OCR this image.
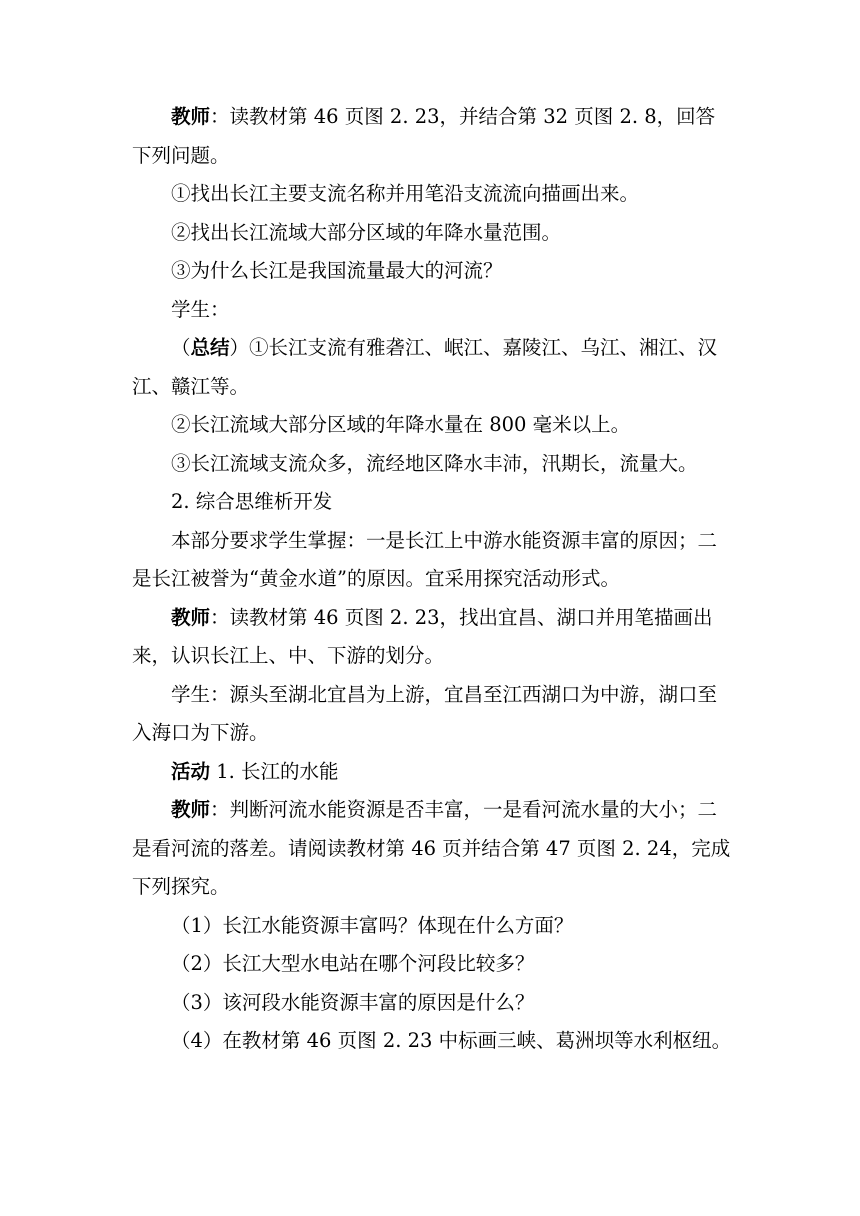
教师：读教材第 46 页图 2. 23，并结合第 32 页图 2. 8，回答下列问题。

①找出长江主要支流名称并用笔沿支流流向描画出来。

②找出长江流域大部分区域的年降水量范围。

③为什么长江是我国流量最大的河流？

学生：

（总结）①长江支流有雅砻江、岷江、嘉陵江、乌江、湘江、汉江、赣江等。

②长江流域大部分区域的年降水量在 800 毫米以上。

③长江流域支流众多，流经地区降水丰沛，汛期长，流量大。

2. 综合思维析开发

本部分要求学生掌握：一是长江上中游水能资源丰富的原因；二是长江被誉为“黄金水道”的原因。宜采用探究活动形式。

教师：读教材第 46 页图 2. 23，找出宜昌、湖口并用笔描画出来，认识长江上、中、下游的划分。

学生：源头至湖北宜昌为上游，宜昌至江西湖口为中游，湖口至入海口为下游。

活动 1. 长江的水能

教师：判断河流水能资源是否丰富，一是看河流水量的大小；二是看河流的落差。请阅读教材第 46 页并结合第 47 页图 2. 24，完成下列探究。

（1）长江水能资源丰富吗？体现在什么方面？

（2）长江大型水电站在哪个河段比较多？

（3）该河段水能资源丰富的原因是什么？

（4）在教材第 46 页图 2. 23 中标画三峡、葛洲坝等水利枢纽。
